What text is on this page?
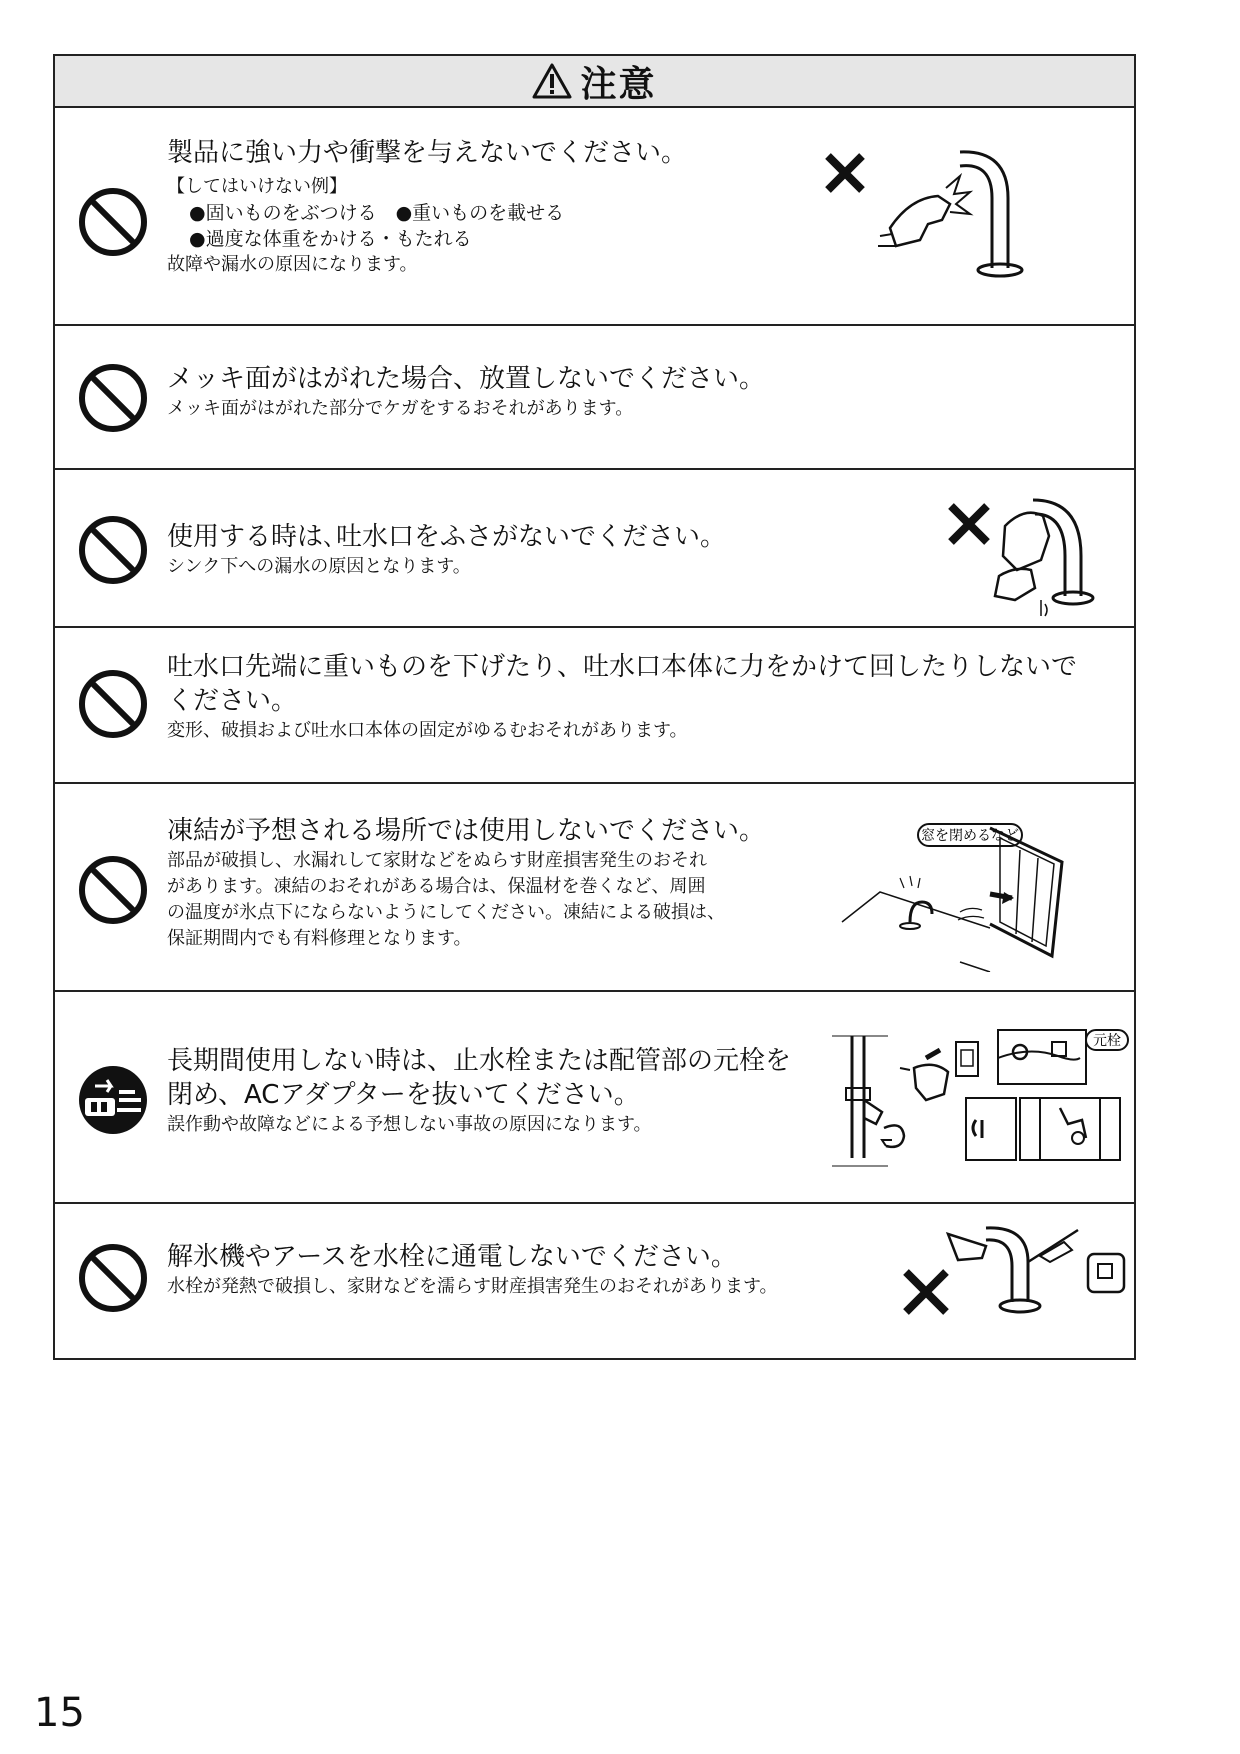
注意

製品に強い力や衝撃を与えないでください。

【してはいけない例】

●固いものをぶつける　●重いものを載せる

●過度な体重をかける・もたれる

故障や漏水の原因になります。

メッキ面がはがれた場合、放置しないでください。

メッキ面がはがれた部分でケガをするおそれがあります。

使用する時は､吐水口をふさがないでください。

シンク下への漏水の原因となります。

吐水口先端に重いものを下げたり、吐水口本体に力をかけて回したりしないで

ください。

変形、破損および吐水口本体の固定がゆるむおそれがあります。

凍結が予想される場所では使用しないでください。

部品が破損し、水漏れして家財などをぬらす財産損害発生のおそれ

があります。凍結のおそれがある場合は、保温材を巻くなど、周囲

の温度が氷点下にならないようにしてください。凍結による破損は、

保証期間内でも有料修理となります。

窓を閉めるなど

長期間使用しない時は、止水栓または配管部の元栓を

閉め、ACアダプターを抜いてください。

誤作動や故障などによる予想しない事故の原因になります。

元栓

解氷機やアースを水栓に通電しないでください。

水栓が発熱で破損し、家財などを濡らす財産損害発生のおそれがあります。

15
